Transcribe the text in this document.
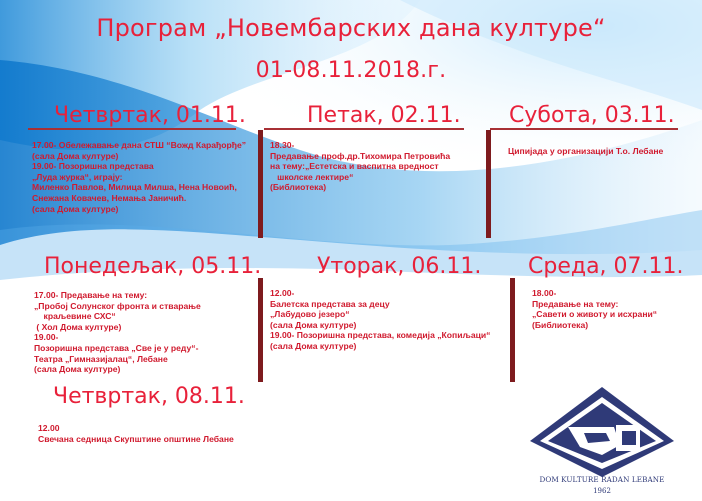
Програм „Новембарских дана културе“
01-08.11.2018.г.
Четвртак, 01.11.
17.00- Обележавање дана СТШ “Вожд Карађорђе”
(сала Дома културе)
19.00- Позоришна представа
„Луда журка“, играју:
Миленко Павлов, Милица Милша, Нена Новоић,
Снежана Ковачев, Немања Јаничић.
(сала Дома културе)
Петак, 02.11.
18.30-
Предавање проф.др.Тихомира Петровића
на тему:„Естетска и васпитна вредност
школске лектире“
(Библиотека)
Субота, 03.11.
Ципијада у организацији Т.о. Лебане
Понедељак, 05.11.
17.00- Предавање на тему:
„Пробој Солунског фронта и стварање
краљевине СХС“
( Хол Дома културе)
19.00-
Позоришна представа „Све је у реду“-
Театра „Гимназијалац“, Лебане
(сала Дома културе)
Уторак, 06.11.
12.00-
Балетска представа за децу
„Лабудово језеро“
(сала Дома културе)
19.00- Позоришна представа, комедија „Копиљаци“
(сала Дома културе)
Среда, 07.11.
18.00-
Предавање на тему:
„Савети о животу и исхрани“
(Библиотека)
Четвртак, 08.11.
12.00
Свечана седница Скупштине општине Лебане
DOM KULTURE RADAN LEBANE
1962
